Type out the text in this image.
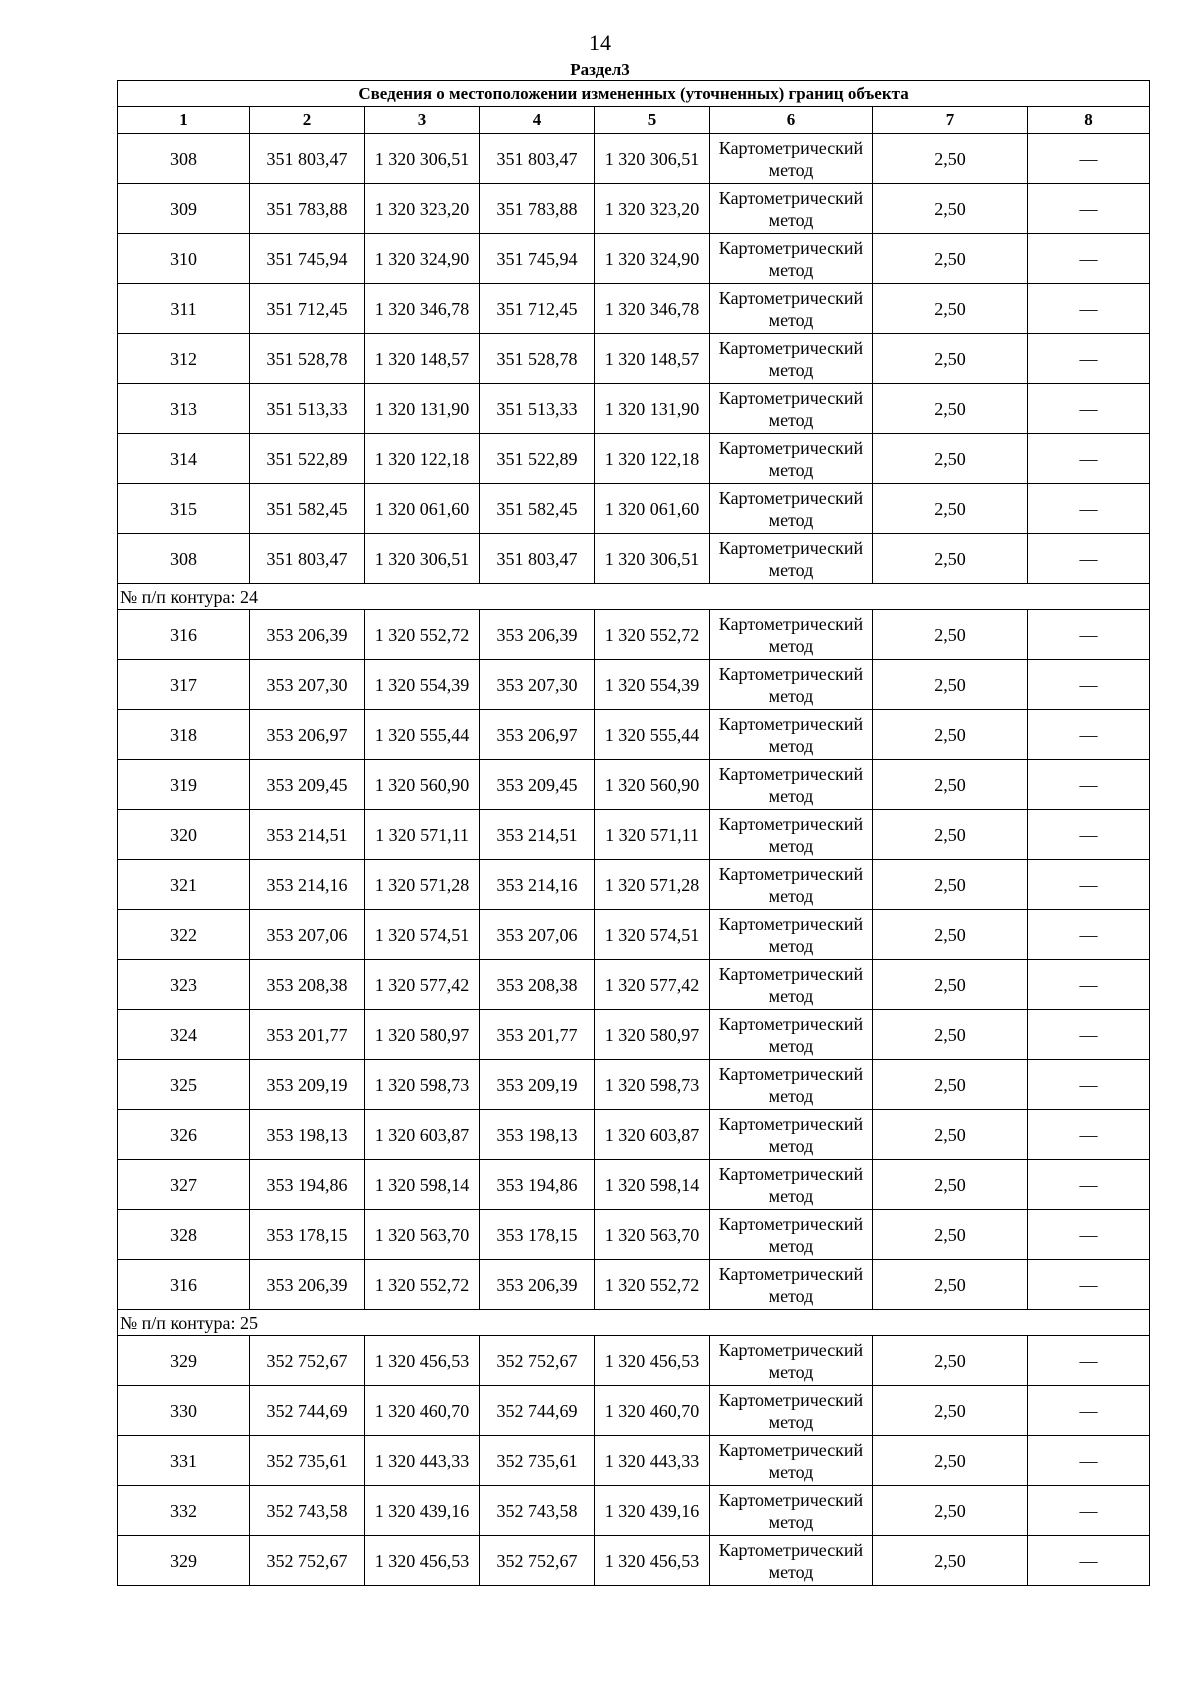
14
Раздел3
Сведения о местоположении измененных (уточненных) границ объекта							
1	2	3	4	5	6	7	8
308	351 803,47	1 320 306,51	351 803,47	1 320 306,51	Картометрический метод	2,50	—
309	351 783,88	1 320 323,20	351 783,88	1 320 323,20	Картометрический метод	2,50	—
310	351 745,94	1 320 324,90	351 745,94	1 320 324,90	Картометрический метод	2,50	—
311	351 712,45	1 320 346,78	351 712,45	1 320 346,78	Картометрический метод	2,50	—
312	351 528,78	1 320 148,57	351 528,78	1 320 148,57	Картометрический метод	2,50	—
313	351 513,33	1 320 131,90	351 513,33	1 320 131,90	Картометрический метод	2,50	—
314	351 522,89	1 320 122,18	351 522,89	1 320 122,18	Картометрический метод	2,50	—
315	351 582,45	1 320 061,60	351 582,45	1 320 061,60	Картометрический метод	2,50	—
308	351 803,47	1 320 306,51	351 803,47	1 320 306,51	Картометрический метод	2,50	—
№ п/п контура: 24							
316	353 206,39	1 320 552,72	353 206,39	1 320 552,72	Картометрический метод	2,50	—
317	353 207,30	1 320 554,39	353 207,30	1 320 554,39	Картометрический метод	2,50	—
318	353 206,97	1 320 555,44	353 206,97	1 320 555,44	Картометрический метод	2,50	—
319	353 209,45	1 320 560,90	353 209,45	1 320 560,90	Картометрический метод	2,50	—
320	353 214,51	1 320 571,11	353 214,51	1 320 571,11	Картометрический метод	2,50	—
321	353 214,16	1 320 571,28	353 214,16	1 320 571,28	Картометрический метод	2,50	—
322	353 207,06	1 320 574,51	353 207,06	1 320 574,51	Картометрический метод	2,50	—
323	353 208,38	1 320 577,42	353 208,38	1 320 577,42	Картометрический метод	2,50	—
324	353 201,77	1 320 580,97	353 201,77	1 320 580,97	Картометрический метод	2,50	—
325	353 209,19	1 320 598,73	353 209,19	1 320 598,73	Картометрический метод	2,50	—
326	353 198,13	1 320 603,87	353 198,13	1 320 603,87	Картометрический метод	2,50	—
327	353 194,86	1 320 598,14	353 194,86	1 320 598,14	Картометрический метод	2,50	—
328	353 178,15	1 320 563,70	353 178,15	1 320 563,70	Картометрический метод	2,50	—
316	353 206,39	1 320 552,72	353 206,39	1 320 552,72	Картометрический метод	2,50	—
№ п/п контура: 25							
329	352 752,67	1 320 456,53	352 752,67	1 320 456,53	Картометрический метод	2,50	—
330	352 744,69	1 320 460,70	352 744,69	1 320 460,70	Картометрический метод	2,50	—
331	352 735,61	1 320 443,33	352 735,61	1 320 443,33	Картометрический метод	2,50	—
332	352 743,58	1 320 439,16	352 743,58	1 320 439,16	Картометрический метод	2,50	—
329	352 752,67	1 320 456,53	352 752,67	1 320 456,53	Картометрический метод	2,50	—
